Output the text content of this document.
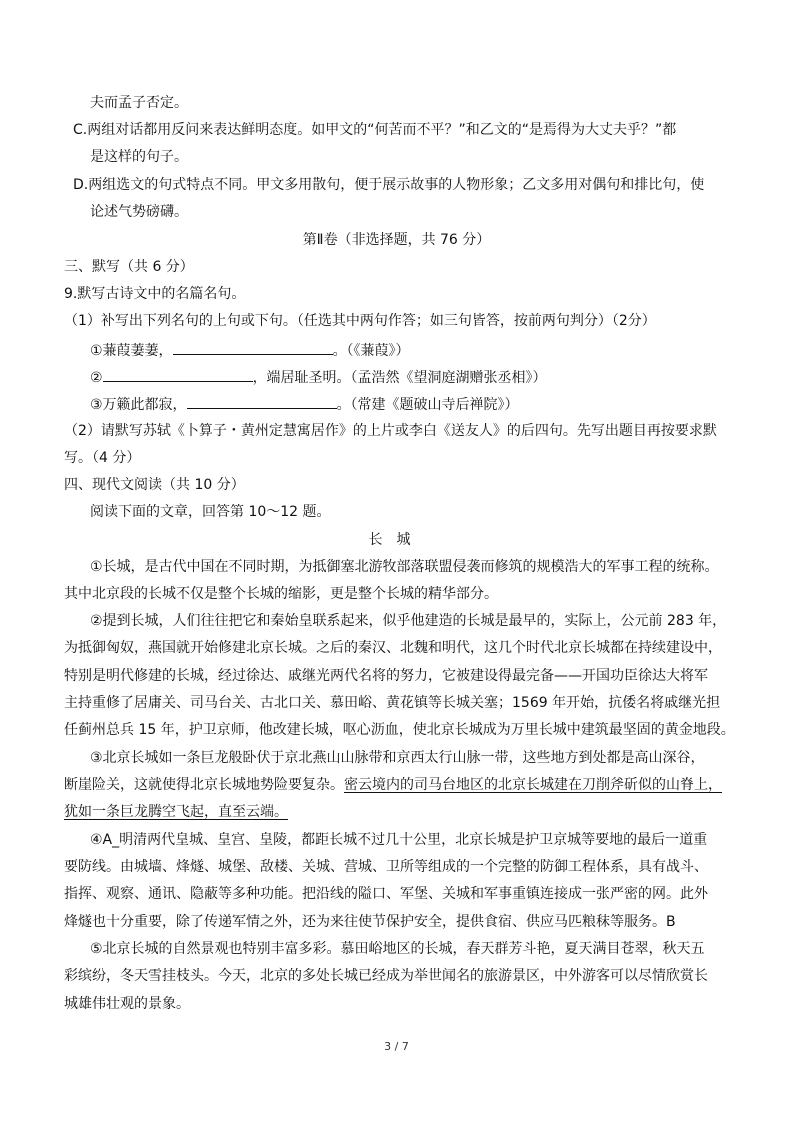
夫而孟子否定。
C.两组对话都用反问来表达鲜明态度。如甲文的“何苦而不平？”和乙文的“是焉得为大丈夫乎？”都
是这样的句子。
D.两组选文的句式特点不同。甲文多用散句，便于展示故事的人物形象；乙文多用对偶句和排比句，使
论述气势磅礴。
第Ⅱ卷（非选择题，共 76 分）
三、默写（共 6 分）
9.默写古诗文中的名篇名句。
（1）补写出下列名句的上句或下句。（任选其中两句作答；如三句皆答，按前两句判分）（2分）
①蒹葭萋萋，	。（《蒹葭》）
②	，端居耻圣明。（孟浩然《望洞庭湖赠张丞相》）
③万籁此都寂，	。（常建《题破山寺后禅院》）
（2）请默写苏轼《卜算子・黄州定慧寓居作》的上片或李白《送友人》的后四句。先写出题目再按要求默
写。（4 分）
四、现代文阅读（共 10 分）
阅读下面的文章，回答第 10～12 题。
长城
①长城，是古代中国在不同时期，为抵御塞北游牧部落联盟侵袭而修筑的规模浩大的军事工程的统称。
其中北京段的长城不仅是整个长城的缩影，更是整个长城的精华部分。
②提到长城，人们往往把它和秦始皇联系起来，似乎他建造的长城是最早的，实际上，公元前 283 年，
为抵御匈奴，燕国就开始修建北京长城。之后的秦汉、北魏和明代，这几个时代北京长城都在持续建设中，
特别是明代修建的长城，经过徐达、戚继光两代名将的努力，它被建设得最完备——开国功臣徐达大将军
主持重修了居庸关、司马台关、古北口关、慕田峪、黄花镇等长城关塞；1569 年开始，抗倭名将戚继光担
任蓟州总兵 15 年，护卫京师，他改建长城，呕心沥血，使北京长城成为万里长城中建筑最坚固的黄金地段。
③北京长城如一条巨龙般卧伏于京北燕山山脉带和京西太行山脉一带，这些地方到处都是高山深谷，
断崖险关，这就使得北京长城地势险要复杂。密云境内的司马台地区的北京长城建在刀削斧斫似的山脊上，
犹如一条巨龙腾空飞起，直至云端。
④A_明清两代皇城、皇宫、皇陵，都距长城不过几十公里，北京长城是护卫京城等要地的最后一道重
要防线。由城墙、烽燧、城堡、敌楼、关城、营城、卫所等组成的一个完整的防御工程体系，具有战斗、
指挥、观察、通讯、隐蔽等多种功能。把沿线的隘口、军堡、关城和军事重镇连接成一张严密的网。此外
烽燧也十分重要，除了传递军情之外，还为来往使节保护安全，提供食宿、供应马匹粮秣等服务。B
⑤北京长城的自然景观也特别丰富多彩。慕田峪地区的长城，春天群芳斗艳，夏天满目苍翠，秋天五
彩缤纷，冬天雪挂枝头。今天，北京的多处长城已经成为举世闻名的旅游景区，中外游客可以尽情欣赏长
城雄伟壮观的景象。
3 / 7
